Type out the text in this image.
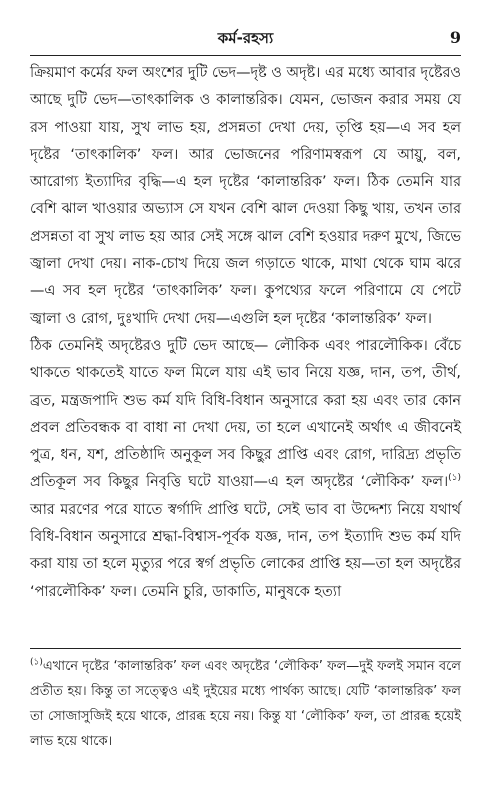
কর্ম-রহস্য	9

ক্রিয়মাণ কর্মের ফল অংশের দুটি ভেদ—দৃষ্ট ও অদৃষ্ট। এর মধ্যে আবার দৃষ্টেরও আছে দুটি ভেদ—তাৎকালিক ও কালান্তরিক। যেমন, ভোজন করার সময় যে রস পাওয়া যায়, সুখ লাভ হয়, প্রসন্নতা দেখা দেয়, তৃপ্তি হয়—এ সব হল দৃষ্টের ‘তাৎকালিক’ ফল। আর ভোজনের পরিণামস্বরূপ যে আয়ু, বল, আরোগ্য ইত্যাদির বৃদ্ধি—এ হল দৃষ্টের ‘কালান্তরিক’ ফল। ঠিক তেমনি যার বেশি ঝাল খাওয়ার অভ্যাস সে যখন বেশি ঝাল দেওয়া কিছু খায়, তখন তার প্রসন্নতা বা সুখ লাভ হয় আর সেই সঙ্গে ঝাল বেশি হওয়ার দরুণ মুখে, জিভে জ্বালা দেখা দেয়। নাক-চোখ দিয়ে জল গড়াতে থাকে, মাথা থেকে ঘাম ঝরে—এ সব হল দৃষ্টের ‘তাৎকালিক’ ফল। কুপথ্যের ফলে পরিণামে যে পেটে জ্বালা ও রোগ, দুঃখাদি দেখা দেয়—এগুলি হল দৃষ্টের ‘কালান্তরিক’ ফল।

ঠিক তেমনিই অদৃষ্টেরও দুটি ভেদ আছে— লৌকিক এবং পারলৌকিক। বেঁচে থাকতে থাকতেই যাতে ফল মিলে যায় এই ভাব নিয়ে যজ্ঞ, দান, তপ, তীর্থ, ব্রত, মন্ত্রজপাদি শুভ কর্ম যদি বিধি-বিধান অনুসারে করা হয় এবং তার কোন প্রবল প্রতিবন্ধক বা বাধা না দেখা দেয়, তা হলে এখানেই অর্থাৎ এ জীবনেই পুত্র, ধন, যশ, প্রতিষ্ঠাদি অনুকূল সব কিছুর প্রাপ্তি এবং রোগ, দারিদ্র্য প্রভৃতি প্রতিকূল সব কিছুর নিবৃত্তি ঘটে যাওয়া—এ হল অদৃষ্টের ‘লৌকিক’ ফল।$^{(১)}$ আর মরণের পরে যাতে স্বর্গাদি প্রাপ্তি ঘটে, সেই ভাব বা উদ্দেশ্য নিয়ে যথার্থ বিধি-বিধান অনুসারে শ্রদ্ধা-বিশ্বাস-পূর্বক যজ্ঞ, দান, তপ ইত্যাদি শুভ কর্ম যদি করা যায় তা হলে মৃত্যুর পরে স্বর্গ প্রভৃতি লোকের প্রাপ্তি হয়—তা হল অদৃষ্টের ‘পারলৌকিক’ ফল। তেমনি চুরি, ডাকাতি, মানুষকে হত্যা

$^{(১)}$এখানে দৃষ্টের ‘কালান্তরিক’ ফল এবং অদৃষ্টের ‘লৌকিক’ ফল—দুই ফলই সমান বলে প্রতীত হয়। কিন্তু তা সত্ত্বেও এই দুইয়ের মধ্যে পার্থক্য আছে। যেটি ‘কালান্তরিক’ ফল তা সোজাসুজিই হয়ে থাকে, প্রারব্ধ হয়ে নয়। কিন্তু যা ‘লৌকিক’ ফল, তা প্রারব্ধ হয়েই লাভ হয়ে থাকে।
